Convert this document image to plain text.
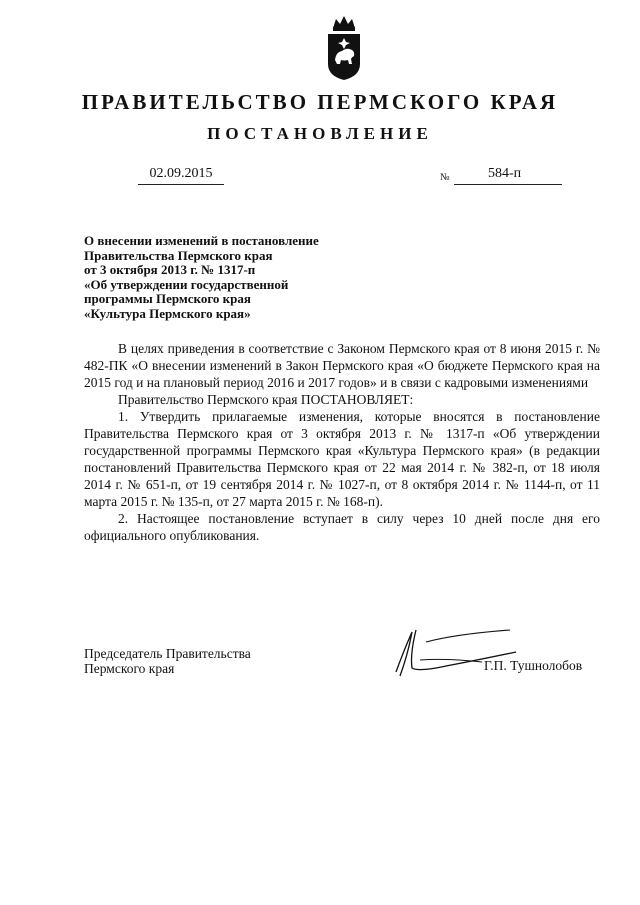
ПРАВИТЕЛЬСТВО ПЕРМСКОГО КРАЯ
ПОСТАНОВЛЕНИЕ
02.09.2015	№	584-п
О внесении изменений в постановление
Правительства Пермского края
от 3 октября 2013 г. № 1317-п
«Об утверждении государственной
программы Пермского края
«Культура Пермского края»

В целях приведения в соответствие с Законом Пермского края от 8 июня 2015 г. № 482-ПК «О внесении изменений в Закон Пермского края «О бюджете Пермского края на 2015 год и на плановый период 2016 и 2017 годов» и в связи с кадровыми изменениями

Правительство Пермского края ПОСТАНОВЛЯЕТ:

1. Утвердить прилагаемые изменения, которые вносятся в постановление Правительства Пермского края от 3 октября 2013 г. № 1317-п «Об утверждении государственной программы Пермского края «Культура Пермского края» (в редакции постановлений Правительства Пермского края от 22 мая 2014 г. № 382-п, от 18 июля 2014 г. № 651-п, от 19 сентября 2014 г. № 1027-п, от 8 октября 2014 г. № 1144-п, от 11 марта 2015 г. № 135-п, от 27 марта 2015 г. № 168-п).

2. Настоящее постановление вступает в силу через 10 дней после дня его официального опубликования.

Председатель Правительства
Пермского края	Г.П. Тушнолобов
